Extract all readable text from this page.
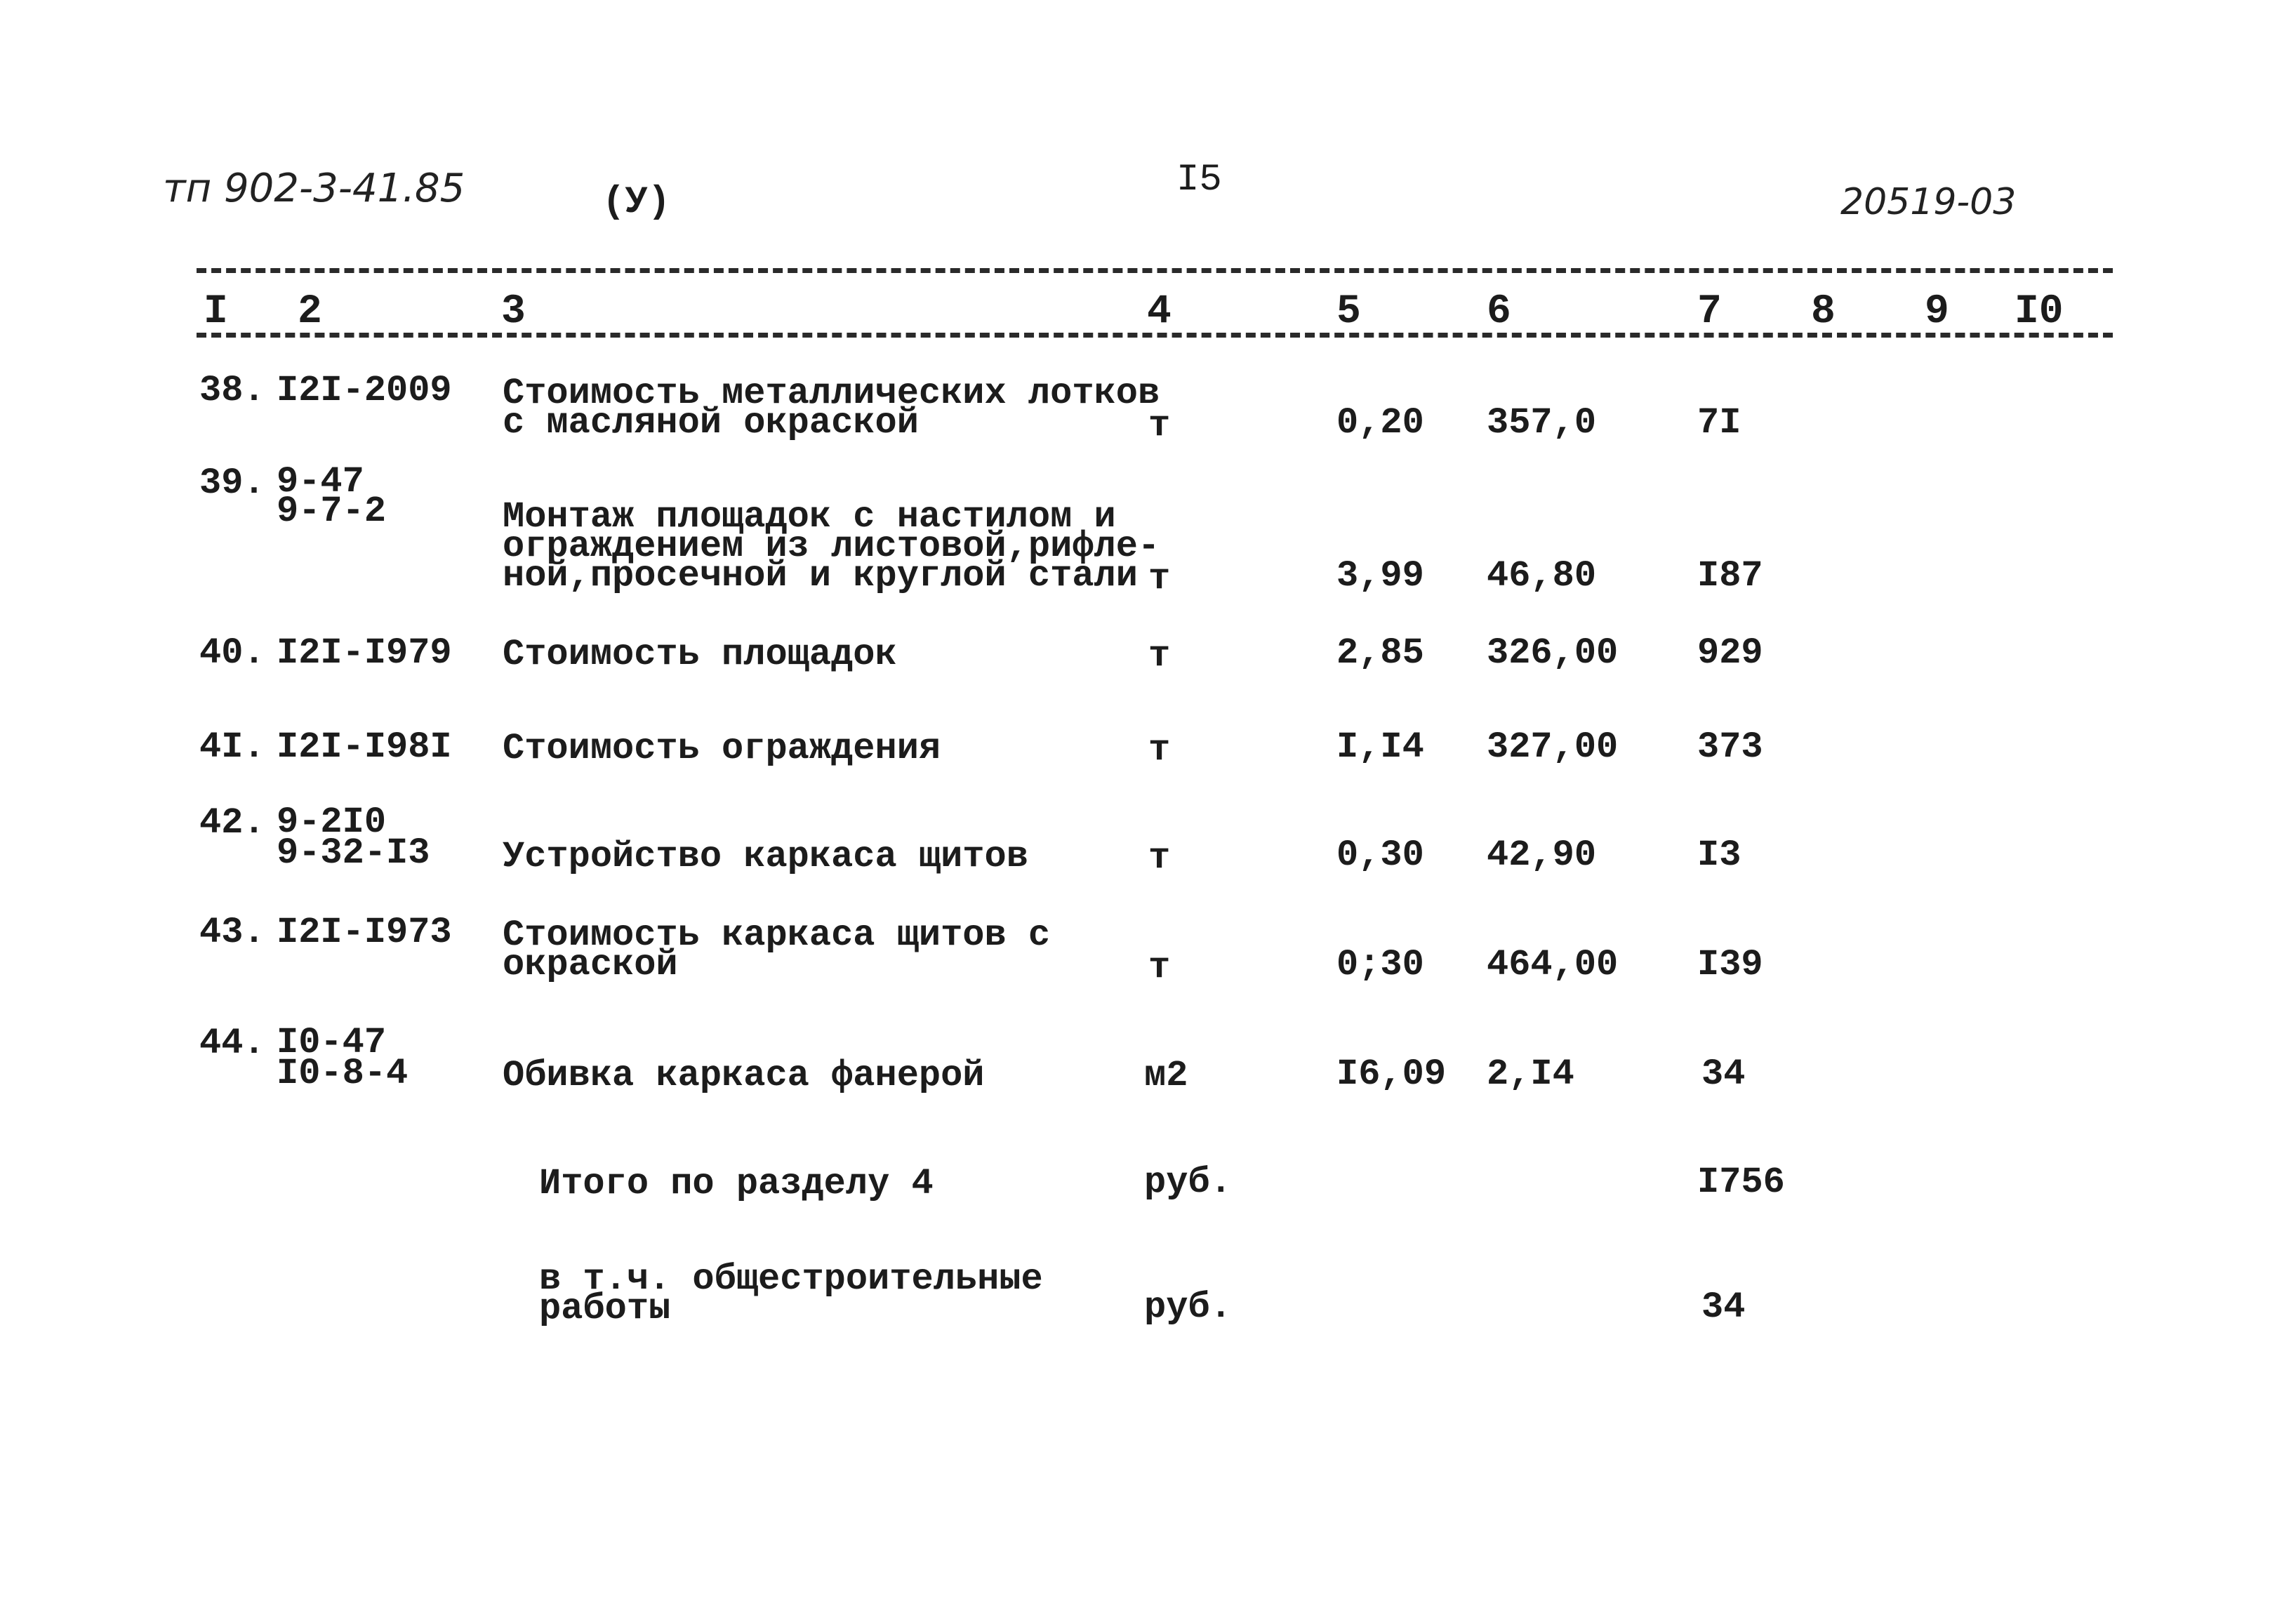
тп 902-3-41.85	(У)
I5
20519-03
I 2	3	4	5	6	7 8 9 I0
38. I2I-2009 Стоимость металлических лотков
с масляной окраской	т	0,20 357,0	7I
39. 9-47
9-7-2	Монтаж площадок с настилом и
ограждением из листовой,рифле-
ной,просечной и круглой стали т	3,99 46,80	I87
40. I2I-I979 Стоимость площадок	т	2,85 326,00 929
4I. I2I-I98I Стоимость ограждения	т	I,I4 327,00 373
42. 9-2I0
9-32-I3 Устройство каркаса щитов	т	0,30 42,90	I3
43. I2I-I973 Стоимость каркаса щитов с
окраской	т	0;30 464,00 I39
44. I0-47
I0-8-4	Обивка каркаса фанерой	м2	I6,09 2,I4	34
Итого по разделу 4	руб.	I756
в т.ч. общестроительные
работы	руб.	34
